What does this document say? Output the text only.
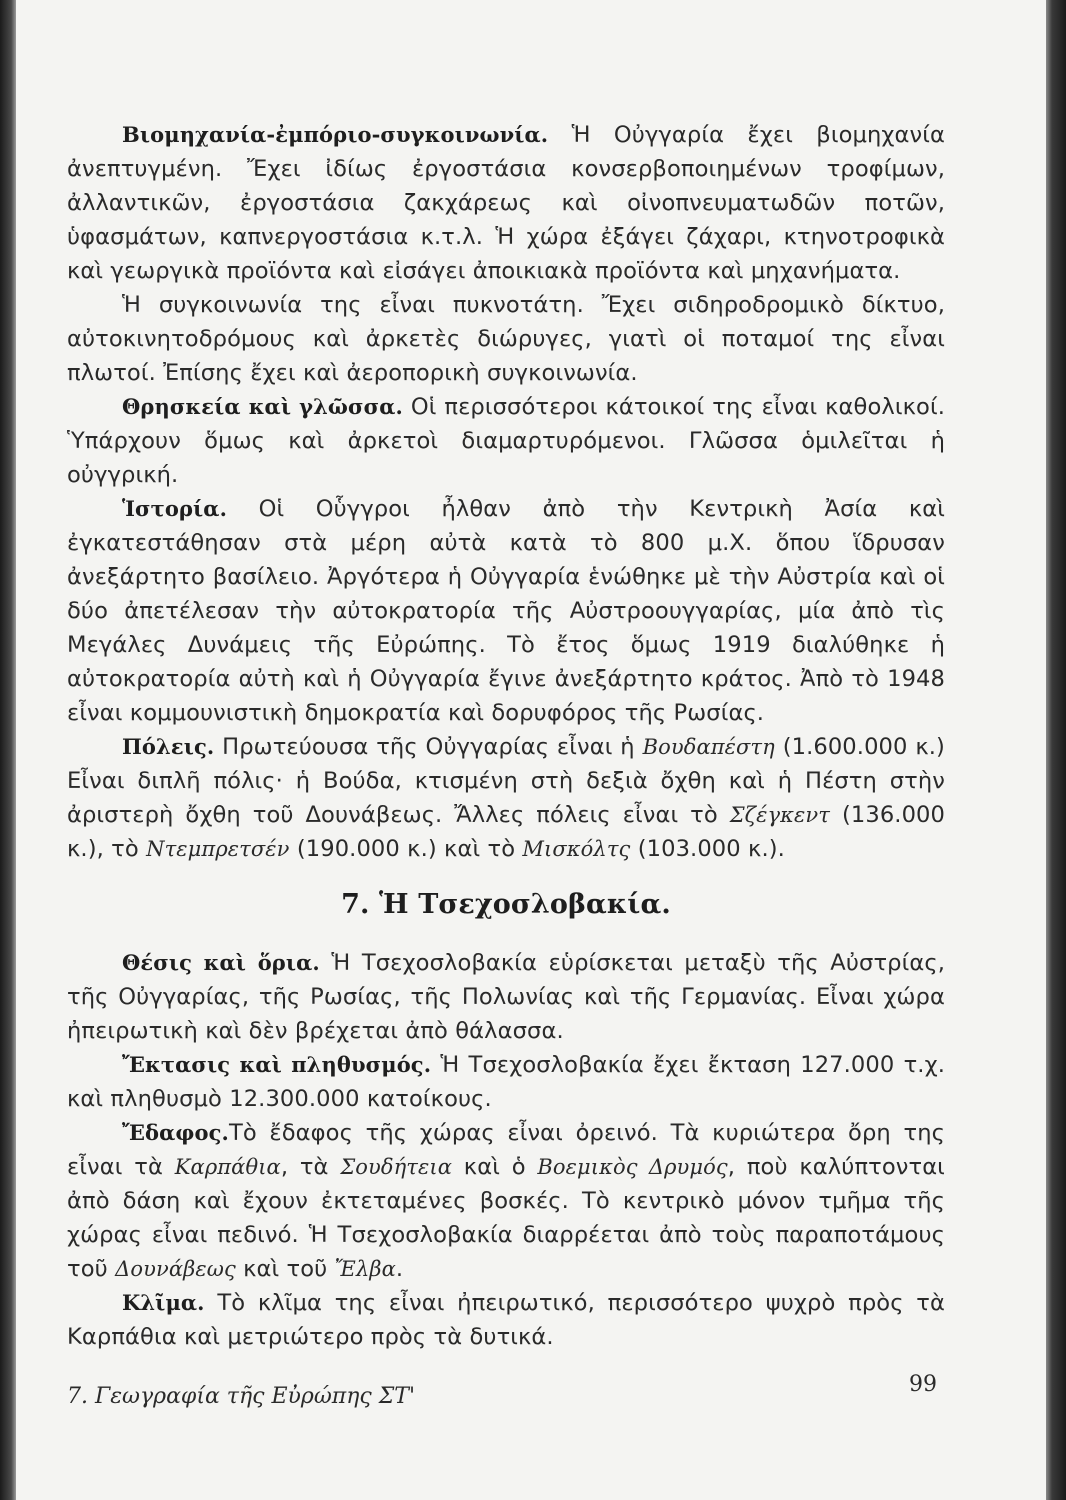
Βιομηχανία-ἐμπόριο-συγκοινωνία. Ἡ Οὐγγαρία ἔχει βιομηχανία ἀνεπτυγμένη. Ἔχει ἰδίως ἐργοστάσια κονσερβοποιημένων τροφίμων, ἀλλαντικῶν, ἐργοστάσια ζακχάρεως καὶ οἰνοπνευματωδῶν ποτῶν, ὑφασμάτων, καπνεργοστάσια κ.τ.λ. Ἡ χώρα ἐξάγει ζάχαρι, κτηνοτροφικὰ καὶ γεωργικὰ προϊόντα καὶ εἰσάγει ἀποικιακὰ προϊόντα καὶ μηχανήματα.

Ἡ συγκοινωνία της εἶναι πυκνοτάτη. Ἔχει σιδηροδρομικὸ δίκτυο, αὐτοκινητοδρόμους καὶ ἀρκετὲς διώρυγες, γιατὶ οἱ ποταμοί της εἶναι πλωτοί. Ἐπίσης ἔχει καὶ ἀεροπορικὴ συγκοινωνία.

Θρησκεία καὶ γλῶσσα. Οἱ περισσότεροι κάτοικοί της εἶναι καθολικοί. Ὑπάρχουν ὅμως καὶ ἀρκετοὶ διαμαρτυρόμενοι. Γλῶσσα ὁμιλεῖται ἡ οὐγγρική.

Ἱστορία. Οἱ Οὗγγροι ἦλθαν ἀπὸ τὴν Κεντρικὴ Ἀσία καὶ ἐγκατεστάθησαν στὰ μέρη αὐτὰ κατὰ τὸ 800 μ.Χ. ὅπου ἵδρυσαν ἀνεξάρτητο βασίλειο. Ἀργότερα ἡ Οὐγγαρία ἑνώθηκε μὲ τὴν Αὐστρία καὶ οἱ δύο ἀπετέλεσαν τὴν αὐτοκρατορία τῆς Αὐστροουγγαρίας, μία ἀπὸ τὶς Μεγάλες Δυνάμεις τῆς Εὐρώπης. Τὸ ἔτος ὅμως 1919 διαλύθηκε ἡ αὐτοκρατορία αὐτὴ καὶ ἡ Οὐγγαρία ἔγινε ἀνεξάρτητο κράτος. Ἀπὸ τὸ 1948 εἶναι κομμουνιστικὴ δημοκρατία καὶ δορυφόρος τῆς Ρωσίας.

Πόλεις. Πρωτεύουσα τῆς Οὐγγαρίας εἶναι ἡ Βουδαπέστη (1.600.000 κ.) Εἶναι διπλῆ πόλις· ἡ Βούδα, κτισμένη στὴ δεξιὰ ὄχθη καὶ ἡ Πέστη στὴν ἀριστερὴ ὄχθη τοῦ Δουνάβεως. Ἄλλες πόλεις εἶναι τὸ Σζέγκεντ (136.000 κ.), τὸ Ντεμπρετσέν (190.000 κ.) καὶ τὸ Μισκόλτς (103.000 κ.).

7. Ἡ Τσεχοσλοβακία.

Θέσις καὶ ὅρια. Ἡ Τσεχοσλοβακία εὑρίσκεται μεταξὺ τῆς Αὐστρίας, τῆς Οὐγγαρίας, τῆς Ρωσίας, τῆς Πολωνίας καὶ τῆς Γερμανίας. Εἶναι χώρα ἠπειρωτικὴ καὶ δὲν βρέχεται ἀπὸ θάλασσα.

Ἔκτασις καὶ πληθυσμός. Ἡ Τσεχοσλοβακία ἔχει ἔκταση 127.000 τ.χ. καὶ πληθυσμὸ 12.300.000 κατοίκους.

Ἔδαφος.Τὸ ἔδαφος τῆς χώρας εἶναι ὀρεινό. Τὰ κυριώτερα ὄρη της εἶναι τὰ Καρπάθια, τὰ Σουδήτεια καὶ ὁ Βοεμικὸς Δρυμός, ποὺ καλύπτονται ἀπὸ δάση καὶ ἔχουν ἐκτεταμένες βοσκές. Τὸ κεντρικὸ μόνον τμῆμα τῆς χώρας εἶναι πεδινό. Ἡ Τσεχοσλοβακία διαρρέεται ἀπὸ τοὺς παραποτάμους τοῦ Δουνάβεως καὶ τοῦ Ἔλβα.

Κλῖμα. Τὸ κλῖμα της εἶναι ἠπειρωτικό, περισσότερο ψυχρὸ πρὸς τὰ Καρπάθια καὶ μετριώτερο πρὸς τὰ δυτικά.

7. Γεωγραφία τῆς Εὐρώπης ΣΤ'	99
